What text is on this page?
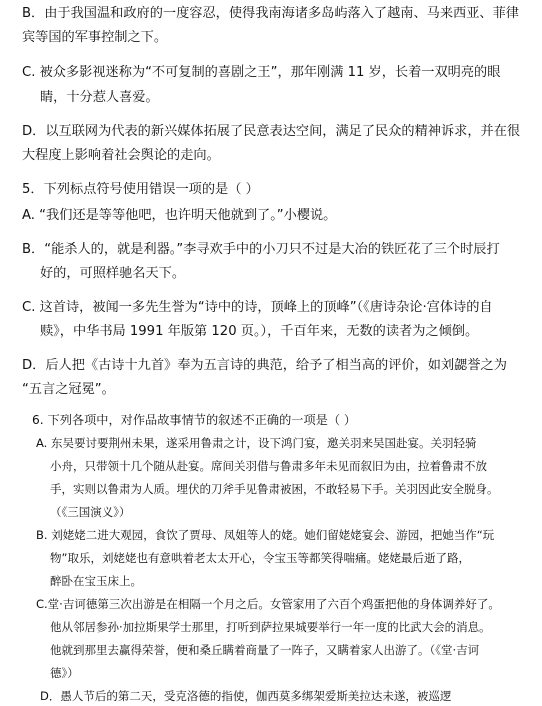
B．由于我国温和政府的一度容忍，使得我南海诸多岛屿落入了越南、马来西亚、菲律
宾等国的军事控制之下。
C. 被众多影视迷称为“不可复制的喜剧之王”，那年刚满 11 岁，长着一双明亮的眼
睛，十分惹人喜爱。
D．以互联网为代表的新兴媒体拓展了民意表达空间，满足了民众的精神诉求，并在很
大程度上影响着社会舆论的走向。
5．下列标点符号使用错误一项的是（ ）
A. “我们还是等等他吧，也许明天他就到了。”小樱说。
B．“能杀人的，就是利器。”李寻欢手中的小刀只不过是大冶的铁匠花了三个时辰打
好的，可照样驰名天下。
C. 这首诗，被闻一多先生誉为“诗中的诗，顶峰上的顶峰”（《唐诗杂论·宫体诗的自
赎》，中华书局 1991 年版第 120 页。），千百年来，无数的读者为之倾倒。
D．后人把《古诗十九首》奉为五言诗的典范，给予了相当高的评价，如刘勰誉之为
“五言之冠冕”。
6. 下列各项中，对作品故事情节的叙述不正确的一项是（ ）
A. 东吴要讨要荆州未果，遂采用鲁肃之计，设下鸿门宴，邀关羽来吴国赴宴。关羽轻骑
小舟，只带领十几个随从赴宴。席间关羽借与鲁肃多年未见而叙旧为由，拉着鲁肃不放
手，实则以鲁肃为人质。埋伏的刀斧手见鲁肃被困，不敢轻易下手。关羽因此安全脱身。
（《三国演义》）
B. 刘姥姥二进大观园，食饮了贾母、凤姐等人的姥。她们留姥姥宴会、游园，把她当作“玩
物”取乐，刘姥姥也有意哄着老太太开心，令宝玉等都笑得喘痛。姥姥最后逝了路，
醉卧在宝玉床上。
C.堂·吉诃德第三次出游是在相隔一个月之后。女管家用了六百个鸡蛋把他的身体调养好了。
他从邻居参孙·加拉斯果学士那里，打听到萨拉果城要举行一年一度的比武大会的消息。
他就到那里去赢得荣誉，便和桑丘瞒着商量了一阵子，又瞒着家人出游了。（《堂·吉诃
德》）
D．愚人节后的第二天，受克洛德的指使，伽西莫多绑架爱斯美拉达未遂，被巡逻
